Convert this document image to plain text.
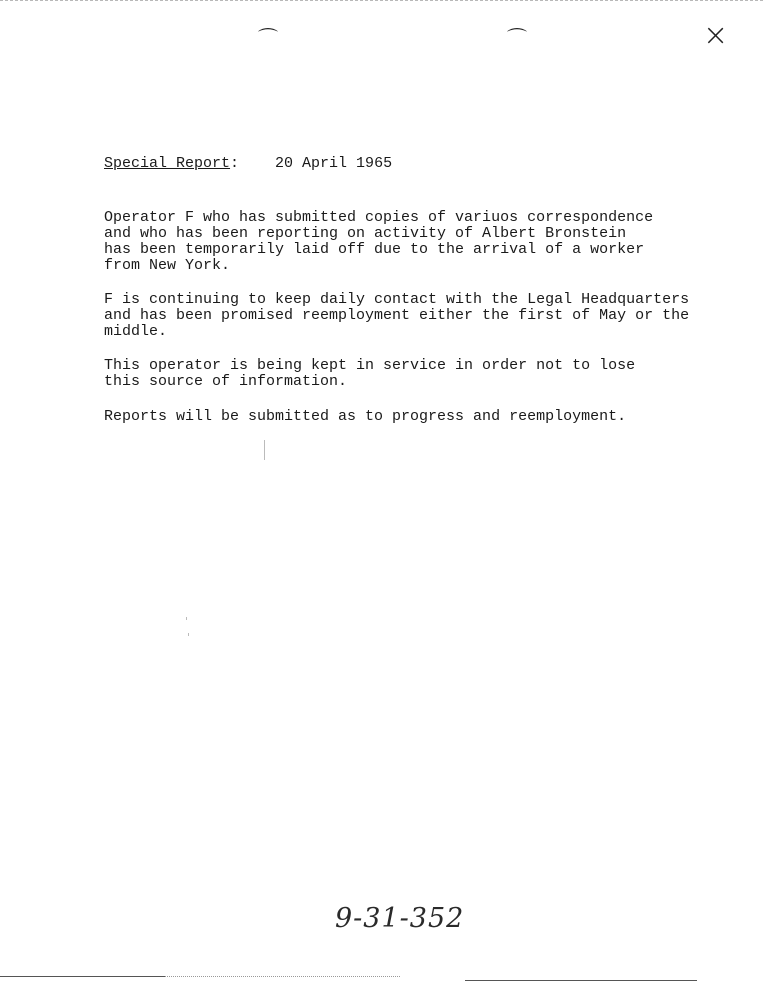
⌒	⌒	×
Special Report: 20 April 1965
Operator F who has submitted copies of variuos correspondence
and who has been reporting on activity of Albert Bronstein
has been temporarily laid off due to the arrival of a worker
from New York.
F is continuing to keep daily contact with the Legal Headquarters
and has been promised reemployment either the first of May or the
middle.
This operator is being kept in service in order not to lose
this source of information.
Reports will be submitted as to progress and reemployment.
9-31-352
